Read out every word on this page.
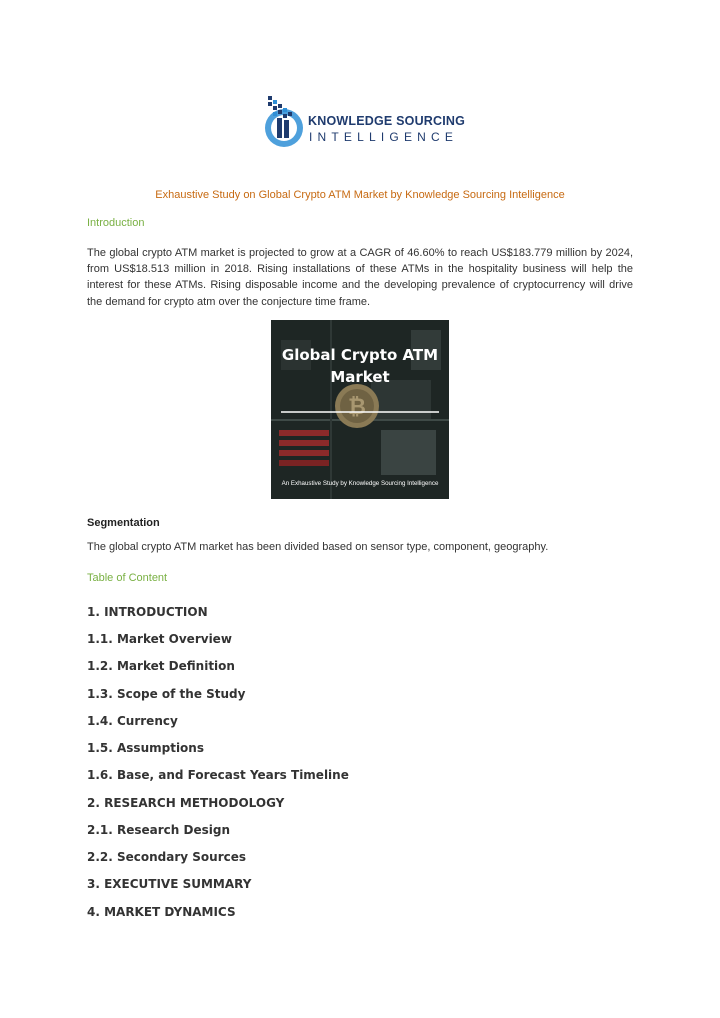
KNOWLEDGE SOURCING
INTELLIGENCE
Exhaustive Study on Global Crypto ATM Market by Knowledge Sourcing Intelligence
Introduction
The global crypto ATM market is projected to grow at a CAGR of 46.60% to reach US$183.779 million by 2024, from US$18.513 million in 2018. Rising installations of these ATMs in the hospitality business will help the interest for these ATMs. Rising disposable income and the developing prevalence of cryptocurrency will drive the demand for crypto atm over the conjecture time frame.
₿
Global Crypto ATM
Market
An Exhaustive Study by Knowledge Sourcing Intelligence
Segmentation
The global crypto ATM market has been divided based on sensor type, component, geography.
Table of Content
1. INTRODUCTION
1.1. Market Overview
1.2. Market Definition
1.3. Scope of the Study
1.4. Currency
1.5. Assumptions
1.6. Base, and Forecast Years Timeline
2. RESEARCH METHODOLOGY
2.1. Research Design
2.2. Secondary Sources
3. EXECUTIVE SUMMARY
4. MARKET DYNAMICS
